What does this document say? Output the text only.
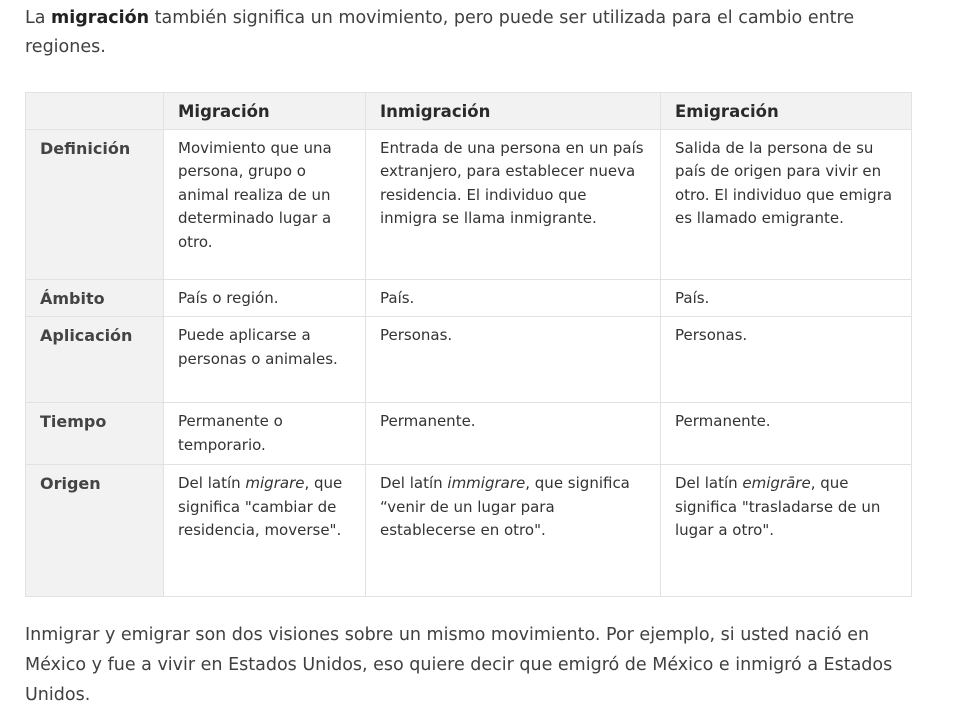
La migración también significa un movimiento, pero puede ser utilizada para el cambio entre regiones.

	Migración	Inmigración	Emigración
Definición	Movimiento que una persona, grupo o animal realiza de un determinado lugar a otro.	Entrada de una persona en un país extranjero, para establecer nueva residencia. El individuo que inmigra se llama inmigrante.	Salida de la persona de su país de origen para vivir en otro. El individuo que emigra es llamado emigrante.
Ámbito	País o región.	País.	País.
Aplicación	Puede aplicarse a personas o animales.	Personas.	Personas.
Tiempo	Permanente o temporario.	Permanente.	Permanente.
Origen	Del latín migrare, que significa "cambiar de residencia, moverse".	Del latín immigrare, que significa “venir de un lugar para establecerse en otro".	Del latín emigrāre, que significa "trasladarse de un lugar a otro".

Inmigrar y emigrar son dos visiones sobre un mismo movimiento. Por ejemplo, si usted nació en México y fue a vivir en Estados Unidos, eso quiere decir que emigró de México e inmigró a Estados Unidos.
